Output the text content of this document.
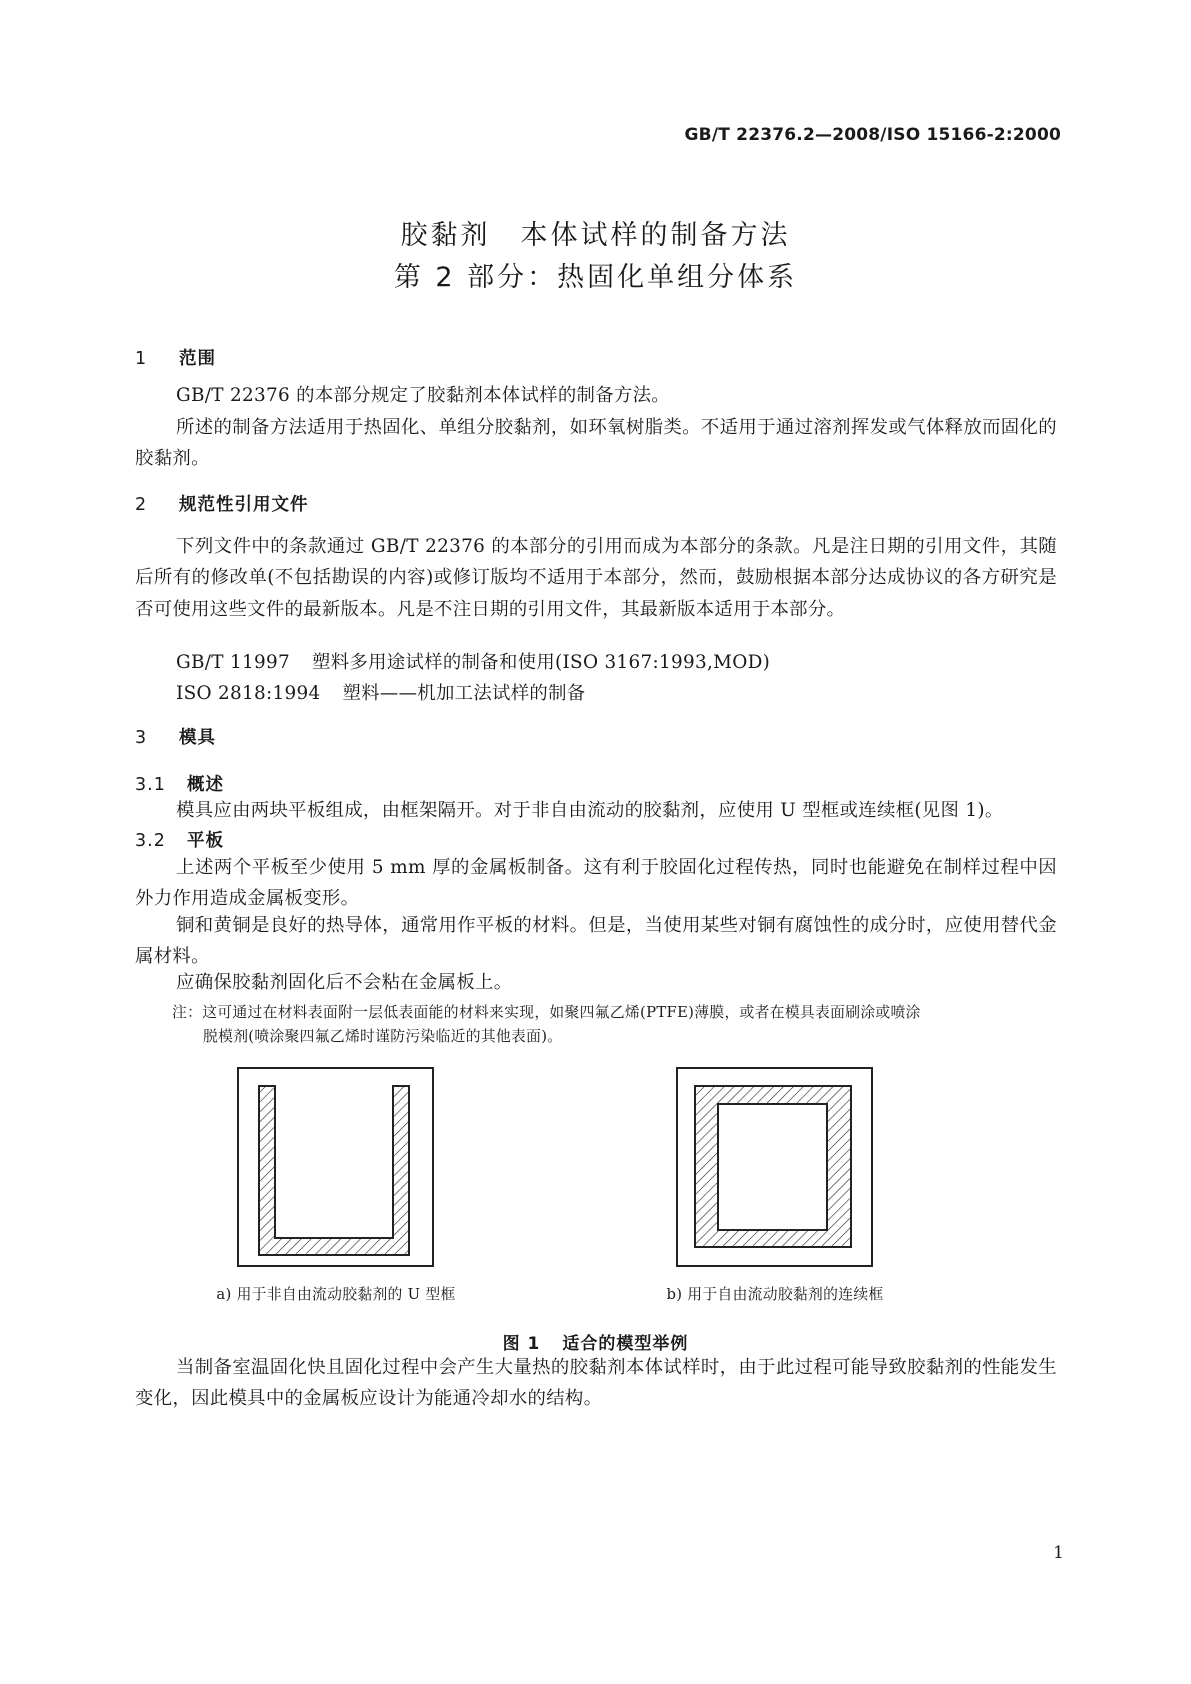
GB/T 22376.2—2008/ISO 15166-2:2000
胶黏剂 本体试样的制备方法
第 2 部分：热固化单组分体系
1 范围
GB/T 22376 的本部分规定了胶黏剂本体试样的制备方法。
所述的制备方法适用于热固化、单组分胶黏剂，如环氧树脂类。不适用于通过溶剂挥发或气体释放而固化的胶黏剂。
2 规范性引用文件
下列文件中的条款通过 GB/T 22376 的本部分的引用而成为本部分的条款。凡是注日期的引用文件，其随后所有的修改单(不包括勘误的内容)或修订版均不适用于本部分，然而，鼓励根据本部分达成协议的各方研究是否可使用这些文件的最新版本。凡是不注日期的引用文件，其最新版本适用于本部分。
GB/T 11997 塑料多用途试样的制备和使用(ISO 3167:1993,MOD)
ISO 2818:1994 塑料——机加工法试样的制备
3 模具
3.1 概述
模具应由两块平板组成，由框架隔开。对于非自由流动的胶黏剂，应使用 U 型框或连续框(见图 1)。
3.2 平板
上述两个平板至少使用 5 mm 厚的金属板制备。这有利于胶固化过程传热，同时也能避免在制样过程中因外力作用造成金属板变形。
铜和黄铜是良好的热导体，通常用作平板的材料。但是，当使用某些对铜有腐蚀性的成分时，应使用替代金属材料。
应确保胶黏剂固化后不会粘在金属板上。
注：这可通过在材料表面附一层低表面能的材料来实现，如聚四氟乙烯(PTFE)薄膜，或者在模具表面刷涂或喷涂
脱模剂(喷涂聚四氟乙烯时谨防污染临近的其他表面)。
a) 用于非自由流动胶黏剂的 U 型框	b) 用于自由流动胶黏剂的连续框
图 1 适合的模型举例
当制备室温固化快且固化过程中会产生大量热的胶黏剂本体试样时，由于此过程可能导致胶黏剂的性能发生变化，因此模具中的金属板应设计为能通冷却水的结构。
1
